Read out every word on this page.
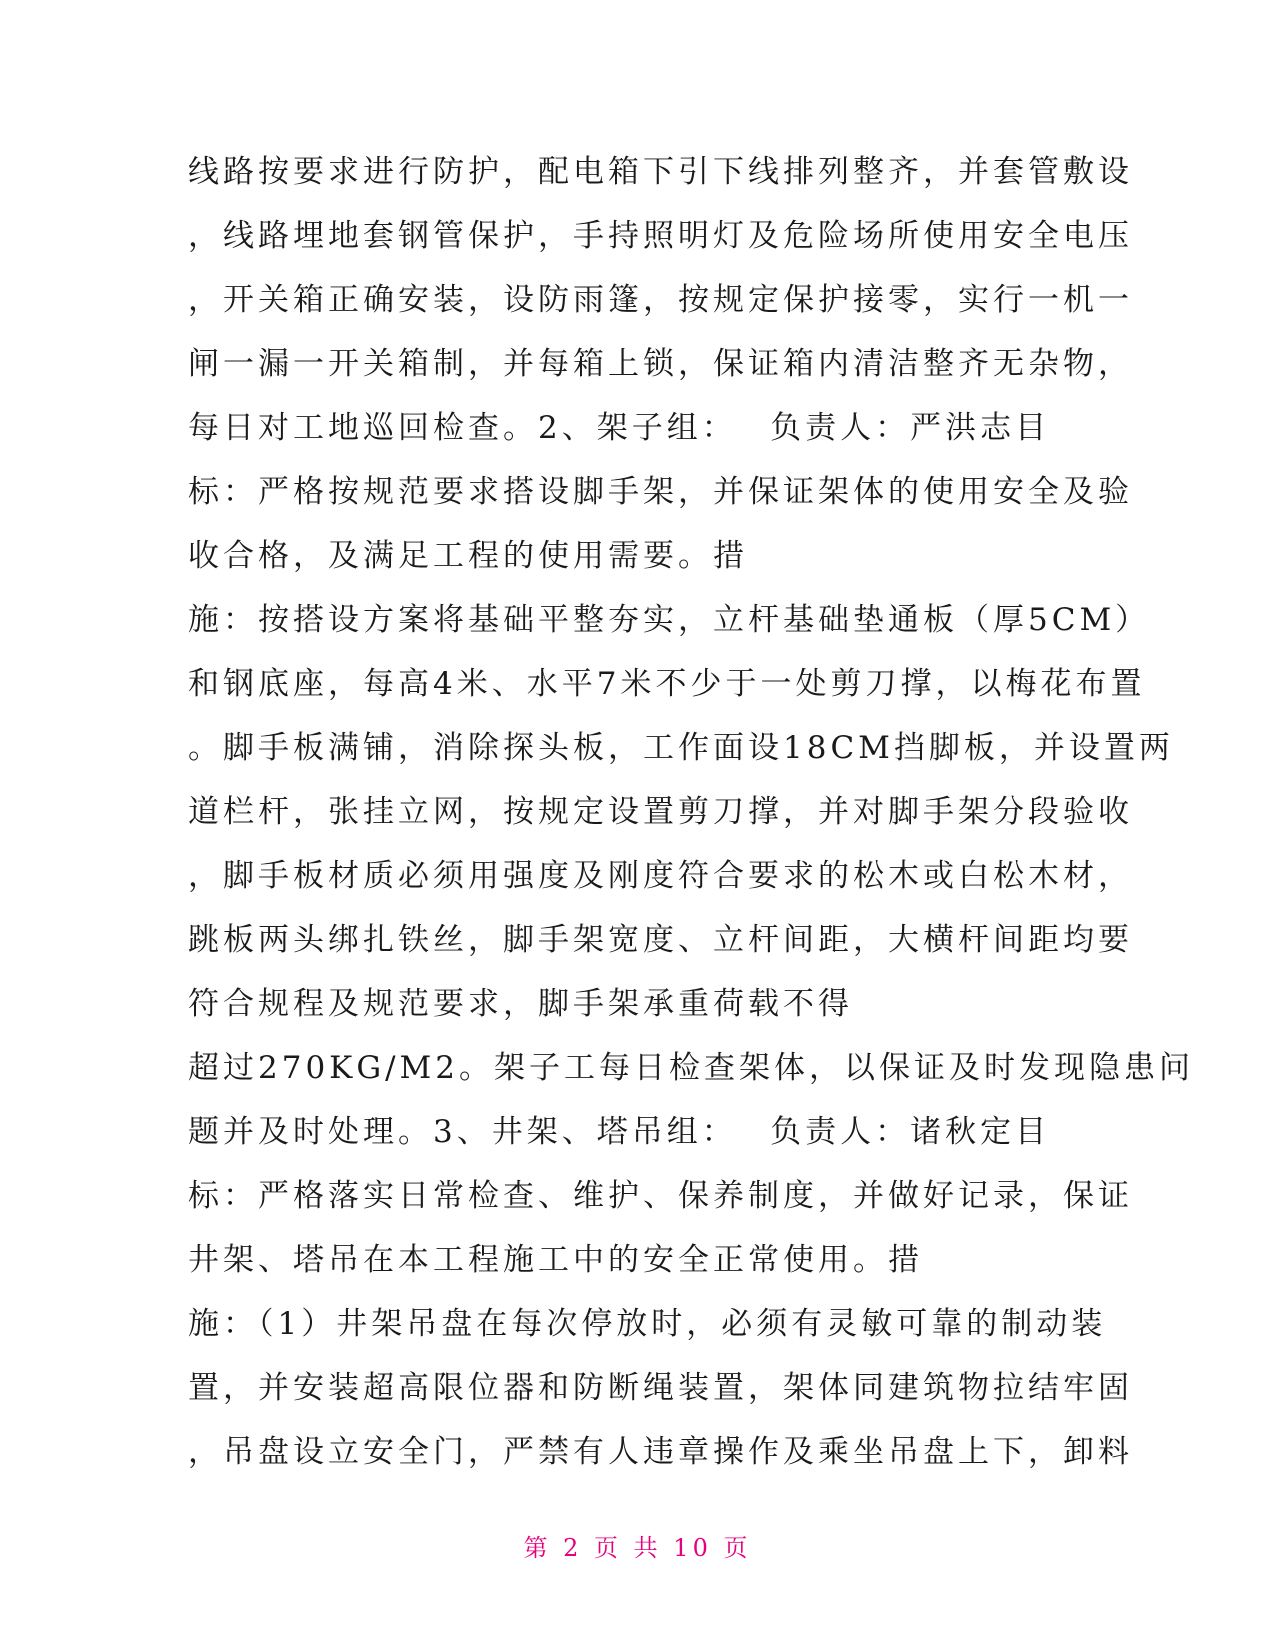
线路按要求进行防护，配电箱下引下线排列整齐，并套管敷设
，线路埋地套钢管保护，手持照明灯及危险场所使用安全电压
，开关箱正确安装，设防雨篷，按规定保护接零，实行一机一
闸一漏一开关箱制，并每箱上锁，保证箱内清洁整齐无杂物，
每日对工地巡回检查。2、架子组：　 负责人：严洪志目
标：严格按规范要求搭设脚手架，并保证架体的使用安全及验
收合格，及满足工程的使用需要。措
施：按搭设方案将基础平整夯实，立杆基础垫通板（厚5CM）
和钢底座，每高4米、水平7米不少于一处剪刀撑，以梅花布置
。脚手板满铺，消除探头板，工作面设18CM挡脚板，并设置两
道栏杆，张挂立网，按规定设置剪刀撑，并对脚手架分段验收
，脚手板材质必须用强度及刚度符合要求的松木或白松木材，
跳板两头绑扎铁丝，脚手架宽度、立杆间距，大横杆间距均要
符合规程及规范要求，脚手架承重荷载不得
超过270KG/M2。架子工每日检查架体，以保证及时发现隐患问
题并及时处理。3、井架、塔吊组：　 负责人：诸秋定目
标：严格落实日常检查、维护、保养制度，并做好记录，保证
井架、塔吊在本工程施工中的安全正常使用。措
施：（1）井架吊盘在每次停放时，必须有灵敏可靠的制动装
置，并安装超高限位器和防断绳装置，架体同建筑物拉结牢固
，吊盘设立安全门，严禁有人违章操作及乘坐吊盘上下，卸料
第 2 页 共 10 页
